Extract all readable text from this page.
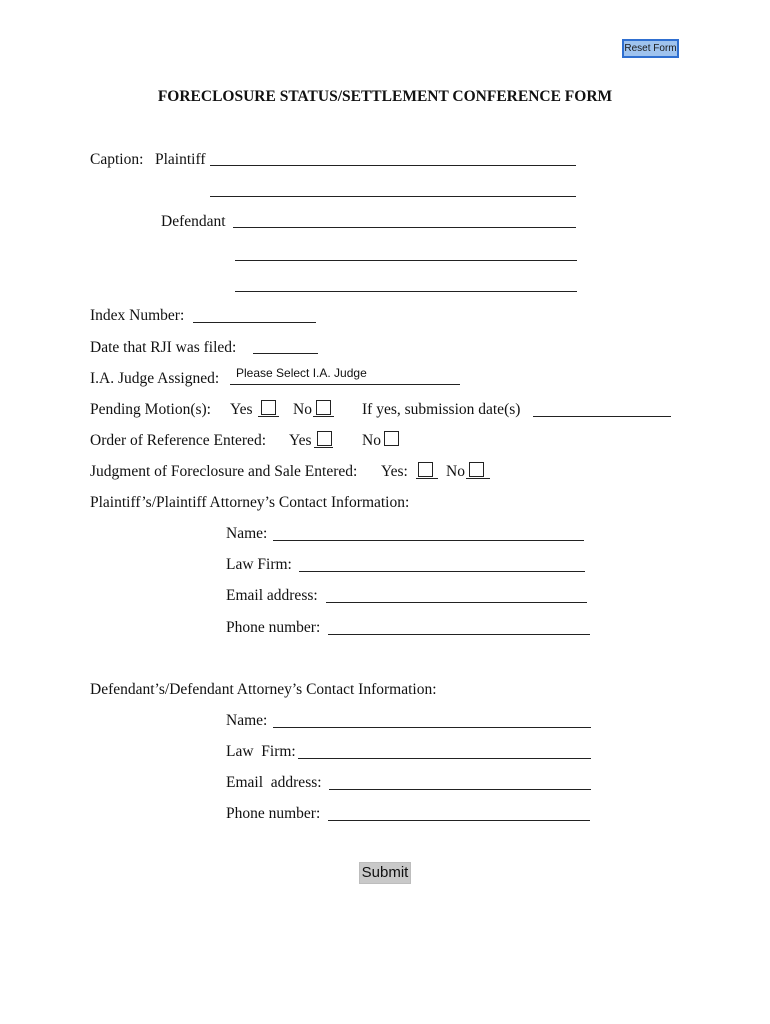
Reset Form
FORECLOSURE STATUS/SETTLEMENT CONFERENCE FORM
Caption: Plaintiff
Defendant
Index Number:
Date that RJI was filed:
I.A. Judge Assigned: Please Select I.A. Judge
Pending Motion(s): Yes	No	If yes, submission date(s)
Order of Reference Entered: Yes	No
Judgment of Foreclosure and Sale Entered: Yes: No
Plaintiff’s/Plaintiff Attorney’s Contact Information:
Name:
Law Firm:
Email address:
Phone number:
Defendant’s/Defendant Attorney’s Contact Information:
Name:
Law  Firm:
Email  address:
Phone number:
Submit
